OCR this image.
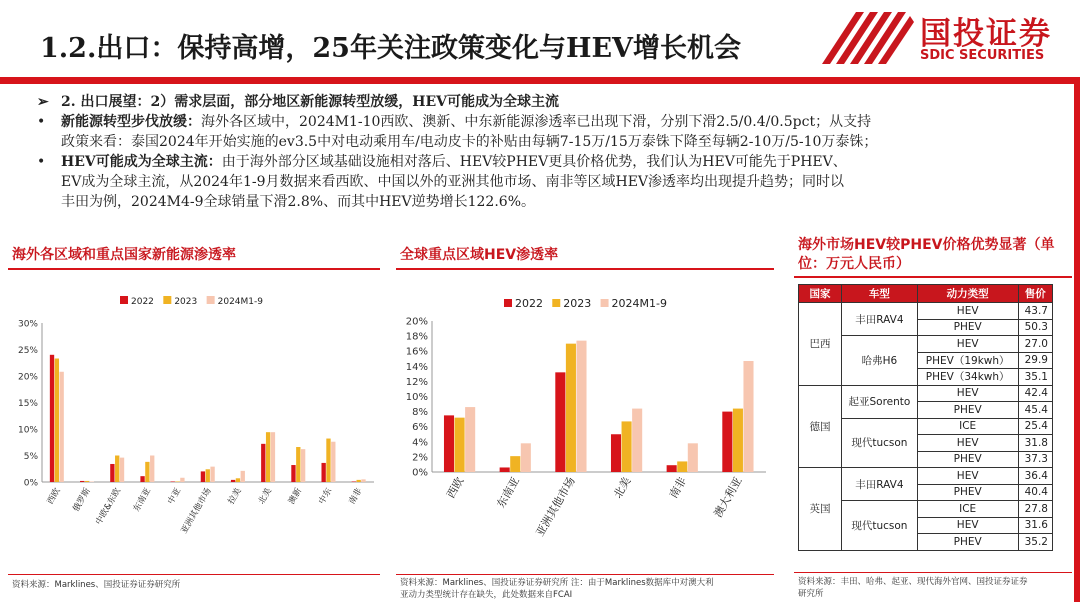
1.2.出口：保持高增，25年关注政策变化与HEV增长机会	国投证券
SDIC SECURITIES
➢ 2. 出口展望：2）需求层面，部分地区新能源转型放缓，HEV可能成为全球主流
• 新能源转型步伐放缓：海外各区域中，2024M1-10西欧、澳新、中东新能源渗透率已出现下滑，分别下滑2.5/0.4/0.5pct；从支持
政策来看：泰国2024年开始实施的ev3.5中对电动乘用车/电动皮卡的补贴由每辆7-15万/15万泰铢下降至每辆2-10万/5-10万泰铢；
• HEV可能成为全球主流：由于海外部分区域基础设施相对落后、HEV较PHEV更具价格优势，我们认为HEV可能先于PHEV、
EV成为全球主流，从2024年1-9月数据来看西欧、中国以外的亚洲其他市场、南非等区域HEV渗透率均出现提升趋势；同时以
丰田为例，2024M4-9全球销量下滑2.8%、而其中HEV逆势增长122.6%。
海外各区域和重点国家新能源渗透率
0%
5%
10%
15%
20%
25%
30%
西欧 俄罗斯 中欧&东欧 东南亚 中亚
亚洲其他市场 拉美 北美 澳新 中东 南非
2022 2023 2024M1-9
资料来源：Marklines、国投证券证券研究所
全球重点区域HEV渗透率
0%
2%
4%
6%
8%
10%
12%
14%
16%
18%
20%
西欧	东南亚 亚洲其他市场	北美	南非 澳大利亚
2022 2023 2024M1-9
资料来源：Marklines、国投证券证券研究所 注：由于Marklines数据库中对澳大利
亚动力类型统计存在缺失，此处数据来自FCAI
海外市场HEV较PHEV价格优势显著（单
位：万元人民币）
国家	车型	动力类型	售价
巴西	丰田RAV4	HEV	43.7
		PHEV	50.3
	哈弗H6	HEV	27.0
		PHEV（19kwh）	29.9
		PHEV（34kwh）	35.1
德国	起亚Sorento	HEV	42.4
		PHEV	45.4
	现代tucson	ICE	25.4
		HEV	31.8
		PHEV	37.3
英国	丰田RAV4	HEV	36.4
		PHEV	40.4
	现代tucson	ICE	27.8
		HEV	31.6
		PHEV	35.2
资料来源：丰田、哈弗、起亚、现代海外官网、国投证券证券
研究所
